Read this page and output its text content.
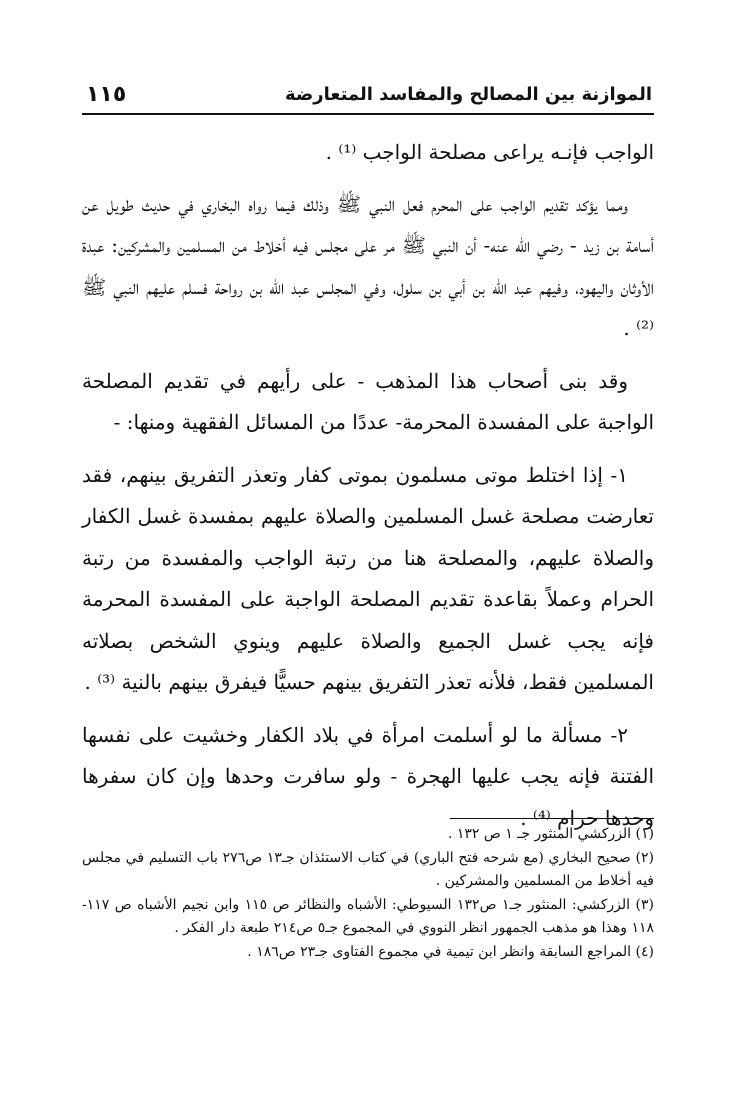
الموازنة بين المصالح والمفاسد المتعارضة
١١٥

الواجب فإنـه يراعى مصلحة الواجب ⁽¹⁾ .

ومما يؤكد تقديم الواجب على المحرم فعل النبي ﷺ وذلك فيما رواه البخاري في حديث طويل عن أسامة بن زيد - رضي الله عنه- أن النبي ﷺ مر على مجلس فيه أخلاط من المسلمين والمشركين: عبدة الأوثان واليهود، وفيهم عبد الله بن أبي بن سلول، وفي المجلس عبد الله بن رواحة فسلم عليهم النبي ﷺ ⁽²⁾ .

وقد بنى أصحاب هذا المذهب - على رأيهم في تقديم المصلحة الواجبة على المفسدة المحرمة- عددًا من المسائل الفقهية ومنها: -

١- إذا اختلط موتى مسلمون بموتى كفار وتعذر التفريق بينهم، فقد تعارضت مصلحة غسل المسلمين والصلاة عليهم بمفسدة غسل الكفار والصلاة عليهم، والمصلحة هنا من رتبة الواجب والمفسدة من رتبة الحرام وعملاً بقاعدة تقديم المصلحة الواجبة على المفسدة المحرمة فإنه يجب غسل الجميع والصلاة عليهم وينوي الشخص بصلاته المسلمين فقط، فلأنه تعذر التفريق بينهم حسيًّا فيفرق بينهم بالنية ⁽³⁾ .

٢- مسألة ما لو أسلمت امرأة في بلاد الكفار وخشيت على نفسها الفتنة فإنه يجب عليها الهجرة - ولو سافرت وحدها وإن كان سفرها وحدها حرام ⁽⁴⁾ .

(١) الزركشي المنثور جـ ١ ص ١٣٢ .
(٢) صحيح البخاري (مع شرحه فتح الباري) في كتاب الاستئذان جـ١٣ ص٢٧٦ باب التسليم في مجلس فيه أخلاط من المسلمين والمشركين .
(٣) الزركشي: المنثور جـ١ ص١٣٢ السيوطي: الأشباه والنظائر ص ١١٥ وابن نجيم الأشباه ص ١١٧- ١١٨ وهذا هو مذهب الجمهور انظر النووي في المجموع جـ٥ ص٢١٤ طبعة دار الفكر .
(٤) المراجع السابقة وانظر ابن تيمية في مجموع الفتاوى جـ٢٣ ص١٨٦ .
